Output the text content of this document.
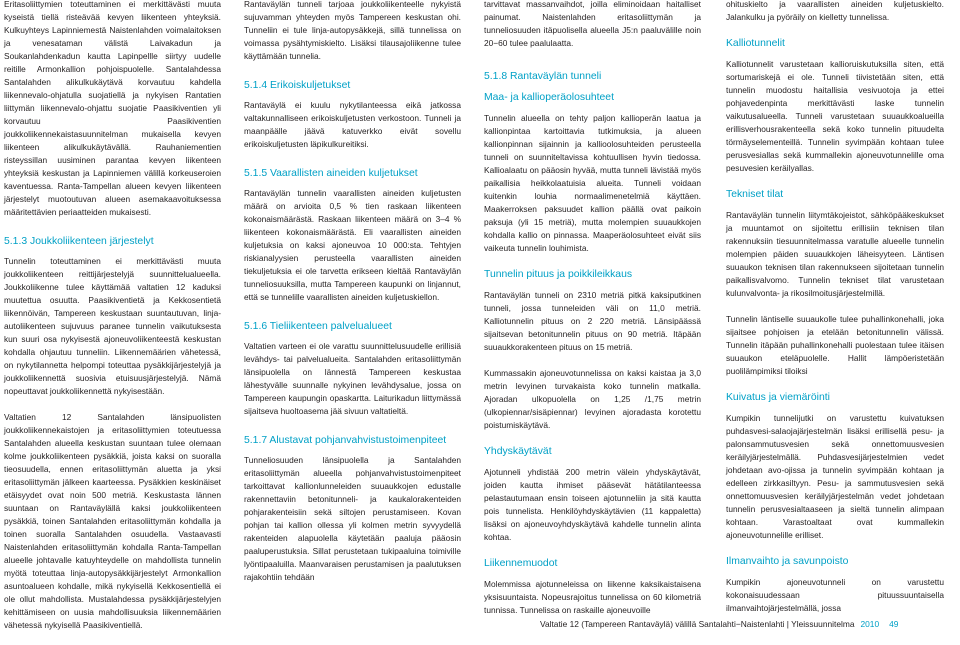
Eritasoliittymien toteuttaminen ei merkittävästi muuta kyseistä tiellä risteävää kevyen liikenteen yhteyksiä. Kulkuyhteys Lapinniemestä Naistenlahden voimalaitoksen ja venesataman välistä Laivakadun ja Soukanlahdenkadun kautta Lapinpellle siirtyy uudelle reitille Armonkallion pohjoispuolelle. Santalahdessa Santalahden alikulkukäytävä korvautuu kahdella liikennevalo-ohjatulla suojatiellä ja nykyisen Rantatien liittymän liikennevalo-ohjattu suojatie Paasikiventien yli korvautuu Paasikiventien joukkoliikennekaistasuunnitelman mukaisella kevyen liikenteen alikulkukäytävällä. Rauhaniementien risteyssillan uusiminen parantaa kevyen liikenteen yhteyksiä keskustan ja Lapinniemen välillä korkeuseroien kaventuessa. Ranta-Tampellan alueen kevyen liikenteen järjestelyt muotoutuvan alueen asemakaavoituksessa määritettävien periaatteiden mukaisesti.

5.1.3 Joukkoliikenteen järjestelyt

Tunnelin toteuttaminen ei merkittävästi muuta joukkoliikenteen reittijärjestelyjä suunnittelualueella. Joukkoliikenne tulee käyttämää valtatien 12 kaduksi muutettua osuutta. Paasikiventietä ja Kekkosentietä liikennöivän, Tampereen keskustaan suuntautuvan, linja-autoliikenteen sujuvuus paranee tunnelin vaikutuksesta kun suuri osa nykyisestä ajoneuvoliikenteestä keskustan kohdalla ohjautuu tunneliin. Liikennemäärien vähetessä, on nykytilannetta helpompi toteuttaa pysäkkijärjestelyjä ja joukkoliikennettä suosivia etuisuusjärjestelyjä. Nämä nopeuttavat joukkoliikennettä nykyisestään.

Valtatien 12 Santalahden länsipuolisten joukkoliikennekaistojen ja eritasoliittymien toteutuessa Santalahden alueella keskustan suuntaan tulee olemaan kolme joukkoliikenteen pysäkkiä, joista kaksi on suoralla tieosuudella, ennen eritasoliittymän aluetta ja yksi eritasoliittymän jälkeen kaarteessa. Pysäkkien keskinäiset etäisyydet ovat noin 500 metriä. Keskustasta lännen suuntaan on Rantaväylällä kaksi joukkoliikenteen pysäkkiä, toinen Santalahden eritasoliittymän kohdalla ja toinen suoralla Santalahden osuudella. Vastaavasti Naistenlahden eritasoliittymän kohdalla Ranta-Tampellan alueelle johtavalle katuyhteydelle on mahdollista tunnelin myötä toteuttaa linja-autopysäkkijärjestelyt Armonkallion asuntoalueen kohdalle, mikä nykyisellä Kekkosentiellä ei ole ollut mahdollista. Mustalahdessa pysäkkijärjestelyjen kehittämiseen on uusia mahdollisuuksia liikennemäärien vähetessä nykyisellä Paasikiventiellä.

Rantaväylän tunneli tarjoaa joukkoliikenteelle nykyistä sujuvamman yhteyden myös Tampereen keskustan ohi. Tunneliin ei tule linja-autopysäkkejä, sillä tunnelissa on voimassa pysähtymiskielto. Lisäksi tilausajoliikenne tulee käyttämään tunnelia.

5.1.4 Erikoiskuljetukset

Rantaväylä ei kuulu nykytilanteessa eikä jatkossa valtakunnalliseen erikoiskuljetusten verkostoon. Tunneli ja maanpäälle jäävä katuverkko eivät sovellu erikoiskuljetusten läpikulkureitiksi.

5.1.5 Vaarallisten aineiden kuljetukset

Rantaväylän tunnelin vaarallisten aineiden kuljetusten määrä on arvioita 0,5 % tien raskaan liikenteen kokonaismäärästä. Raskaan liikenteen määrä on 3–4 % liikenteen kokonaismäärästä. Eli vaarallisten aineiden kuljetuksia on kaksi ajoneuvoa 10 000:sta. Tehtyjen riskianalyysien perusteella vaarallisten aineiden tiekuljetuksia ei ole tarvetta erikseen kieltää Rantaväylän tunneliosuuksilla, mutta Tampereen kaupunki on linjannut, että se tunnelille vaarallisten aineiden kuljetuskiellon.

5.1.6 Tieliikenteen palvelualueet

Valtatien varteen ei ole varattu suunnittelusuudelle erillisiä levähdys- tai palvelualueita. Santalahden eritasoliittymän länsipuolella on lännestä Tampereen keskustaa lähestyvälle suunnalle nykyinen levähdysalue, jossa on Tampereen kaupungin opaskartta. Laiturikadun liittymässä sijaitseva huoltoasema jää sivuun valtatieltä.

5.1.7 Alustavat pohjanvahvistustoimenpiteet

Tunneliosuuden länsipuolella ja Santalahden eritasoliittymän alueella pohjanvahvistustoimenpiteet tarkoittavat kallionlunneleiden suuaukkojen edustalle rakennettaviin betonitunneli- ja kaukalorakenteiden pohjarakenteisiin sekä siltojen perustamiseen. Kovan pohjan tai kallion ollessa yli kolmen metrin syvyydellä rakenteiden alapuolella käytetään paaluja pääosin paaluperustuksia. Sillat perustetaan tukipaaluina toimiville lyöntipaaluilla. Maanvaraisen perustamisen ja paalutuksen rajakohtiin tehdään

tarvittavat massanvaihdot, joilla eliminoidaan haitalliset painumat. Naistenlahden eritasoliittymän ja tunneliosuuden itäpuolisella alueella J5:n paaluvälille noin 20−60 tulee paalulaatta.

5.1.8 Rantaväylän tunneli
Maa- ja kallioperäolosuhteet

Tunnelin alueella on tehty paljon kallioperän laatua ja kallionpintaa kartoittavia tutkimuksia, ja alueen kallionpinnan sijainnin ja kallioolosuhteiden perusteella tunneli on suunniteltavissa kohtuullisen hyvin tiedossa. Kallioalaatu on pääosin hyvää, mutta tunneli lävistää myös paikallisia heikkolaatuisia alueita. Tunneli voidaan kuitenkin louhia normaalimenetelmiä käyttäen. Maakerroksen paksuudet kallion päällä ovat paikoin paksuja (yli 15 metriä), mutta molempien suuaukkojen kohdalla kallio on pinnassa. Maaperäolosuhteet eivät siis vaikeuta tunnelin louhimista.

Tunnelin pituus ja poikkileikkaus

Rantaväylän tunneli on 2310 metriä pitkä kaksiputkinen tunneli, jossa tunneleiden väli on 11,0 metriä. Kalliotunnelin pituus on 2 220 metriä. Länsipäässä sijaitsevan betonitunnelin pituus on 90 metriä. Itäpään suuaukkorakenteen pituus on 15 metriä.

Kummassakin ajoneuvotunnelissa on kaksi kaistaa ja 3,0 metrin levyinen turvakaista koko tunnelin matkalla. Ajoradan ulkopuolella on 1,25 /1,75 metrin (ulkopiennar/sisäpiennar) levyinen ajoradasta korotettu poistumiskäytävä.

Yhdyskäytävät

Ajotunneli yhdistää 200 metrin välein yhdyskäytävät, joiden kautta ihmiset pääsevät hätätilanteessa pelastautumaan ensin toiseen ajotunneliin ja sitä kautta pois tunnelista. Henkilöyhdyskäytävien (11 kappaletta) lisäksi on ajoneuvoyhdyskäytävä kahdelle tunnelin alinta kohtaa.

Liikennemuodot

Molemmissa ajotunneleissa on liikenne kaksikaistaisena yksisuuntaista. Nopeusrajoitus tunnelissa on 60 kilometriä tunnissa. Tunnelissa on raskaille ajoneuvoille

ohituskielto ja vaarallisten aineiden kuljetuskielto. Jalankulku ja pyöräily on kielletty tunnelissa.

Kalliotunnelit

Kalliotunnelit varustetaan kallioruiskutuksilla siten, että sortumariskejä ei ole. Tunneli tiivistetään siten, että tunnelin muodostu haitallisia vesivuotoja ja ettei pohjavedenpinta merkittävästi laske tunnelin vaikutusalueella. Tunneli varustetaan suuaukkoalueilla erillisverhousrakenteella sekä koko tunnelin pituudelta törmäyselementeillä. Tunnelin syvimpään kohtaan tulee perusvesiallas sekä kummallekin ajoneuvotunnelille oma pesuvesien keräilyallas.

Tekniset tilat

Rantaväylän tunnelin liitymtäkojeistot, sähköpääkeskukset ja muuntamot on sijoitettu erillisiin teknisen tilan rakennuksiin tiesuunnitelmassa varatulle alueelle tunnelin molempien päiden suuaukkojen läheisyyteen. Läntisen suuaukon teknisen tilan rakennukseen sijoitetaan tunnelin paikallisvalvomo. Tunnelin tekniset tilat varustetaan kulunvalvonta- ja rikosilmoitusjärjestelmillä.

Tunnelin läntiselle suuaukolle tulee puhallinkonehalli, joka sijaitsee pohjoisen ja etelään betonitunnelin välissä. Tunnelin itäpään puhallinkonehalli puolestaan tulee itäisen suuaukon eteläpuolelle. Hallit lämpöeristetään puolilämpimiksi tiloiksi

Kuivatus ja viemäröinti

Kumpikin tunnelijutki on varustettu kuivatuksen puhdasvesi-salaojajärjestelmän lisäksi erillisellä pesu- ja palonsammutusvesien sekä onnettomuusvesien keräilyjärjestelmällä. Puhdasvesijärjestelmien vedet johdetaan avo-ojissa ja tunnelin syvimpään kohtaan ja edelleen zirkkasiltyyn. Pesu- ja sammutusvesien sekä onnettomuusvesien keräilyjärjestelmän vedet johdetaan tunnelin perusvesialtaaseen ja sieltä tunnelin alimpaan kohtaan. Varastoaltaat ovat kummallekin ajoneuvotunnelille erilliset.

Ilmanvaihto ja savunpoisto

Kumpikin ajoneuvotunneli on varustettu kokonaisuudessaan pituussuuntaisella ilmanvaihtojärjestelmällä, jossa

Valtatie 12 (Tampereen Rantaväylä) välillä Santalahti−Naistenlahti | Yleissuunnitelma 2010 49
